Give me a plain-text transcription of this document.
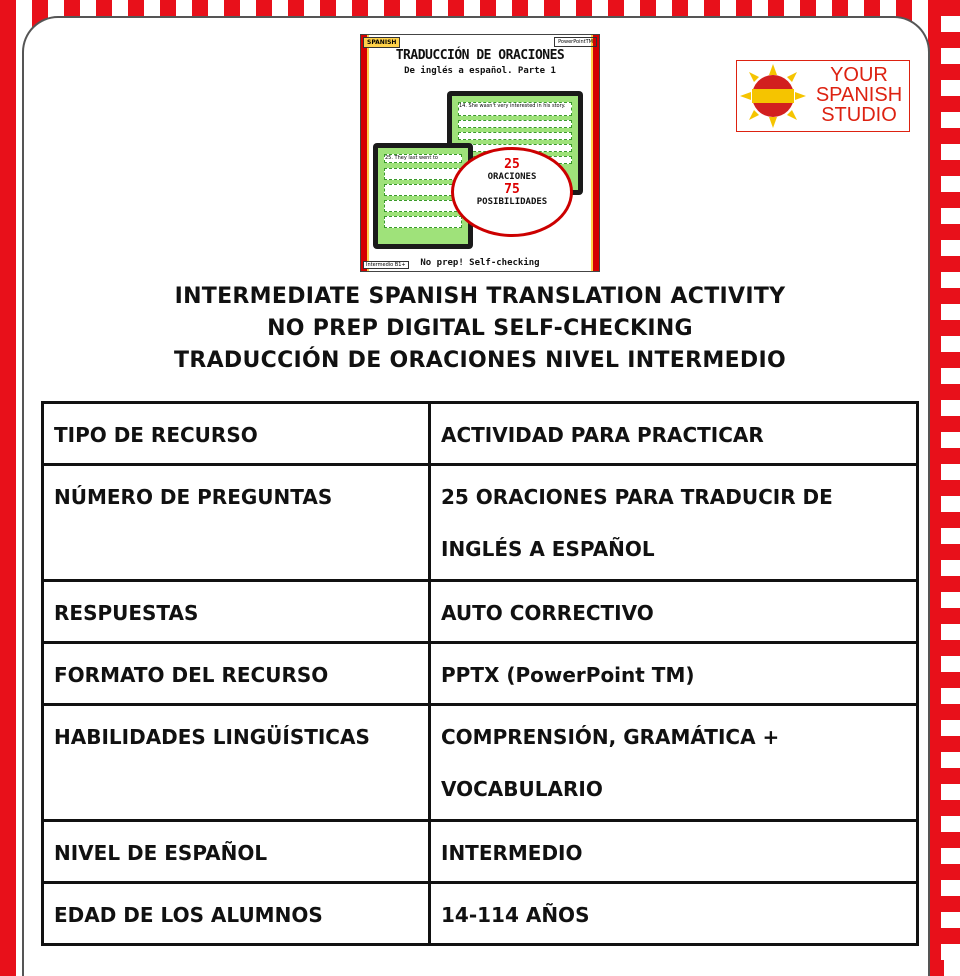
SPANISH	PowerPointTM
TRADUCCIÓN DE ORACIONES
De inglés a español. Parte 1
14. She wasn't very interested in his story.
25. They last went to	25
ORACIONES
75
POSIBILIDADES
Intermedio B1+	No prep! Self-checking
YOUR
SPANISH
STUDIO
INTERMEDIATE SPANISH TRANSLATION ACTIVITY
NO PREP DIGITAL SELF-CHECKING
TRADUCCIÓN DE ORACIONES NIVEL INTERMEDIO
TIPO DE RECURSO	ACTIVIDAD PARA PRACTICAR
NÚMERO DE PREGUNTAS	25 ORACIONES PARA TRADUCIR DE INGLÉS A ESPAÑOL
RESPUESTAS	AUTO CORRECTIVO
FORMATO DEL RECURSO	PPTX (PowerPoint TM)
HABILIDADES LINGÜÍSTICAS	COMPRENSIÓN, GRAMÁTICA + VOCABULARIO
NIVEL DE ESPAÑOL	INTERMEDIO
EDAD DE LOS ALUMNOS	14-114 AÑOS
